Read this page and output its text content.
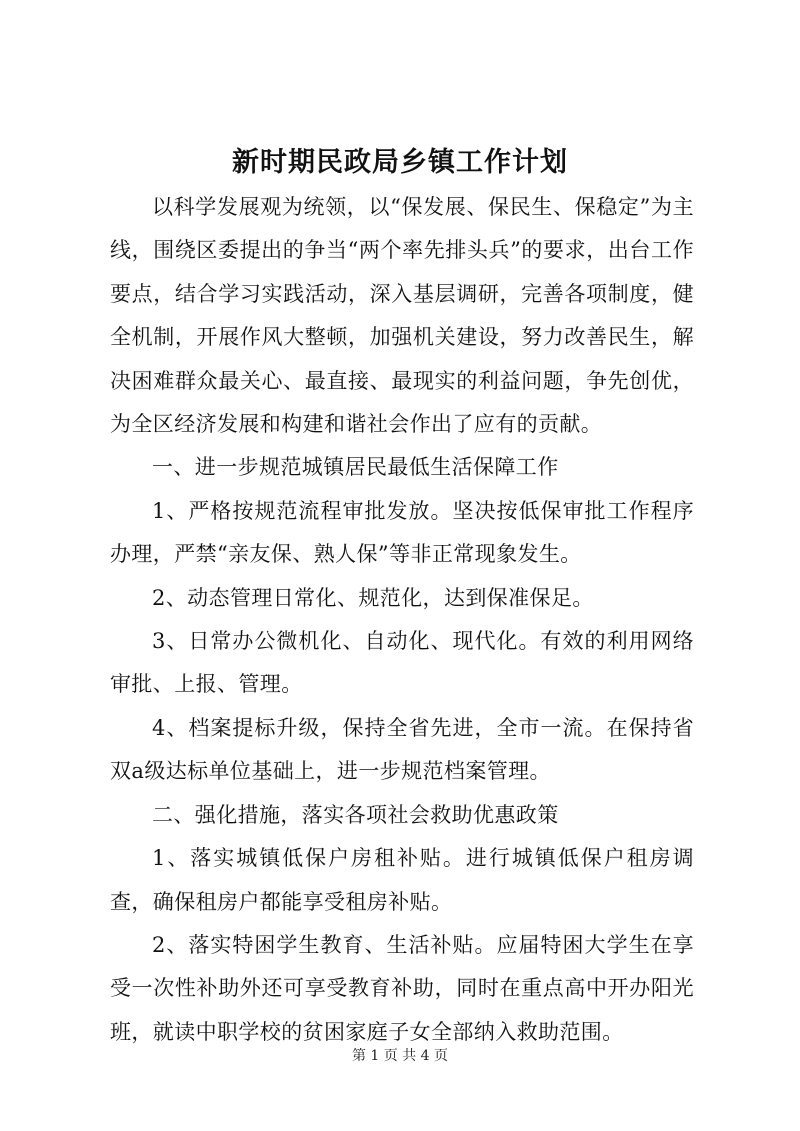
新时期民政局乡镇工作计划

以科学发展观为统领，以“保发展、保民生、保稳定”为主线，围绕区委提出的争当“两个率先排头兵”的要求，出台工作要点，结合学习实践活动，深入基层调研，完善各项制度，健全机制，开展作风大整顿，加强机关建设，努力改善民生，解决困难群众最关心、最直接、最现实的利益问题，争先创优，为全区经济发展和构建和谐社会作出了应有的贡献。

一、进一步规范城镇居民最低生活保障工作

1、严格按规范流程审批发放。坚决按低保审批工作程序办理，严禁“亲友保、熟人保”等非正常现象发生。

2、动态管理日常化、规范化，达到保准保足。

3、日常办公微机化、自动化、现代化。有效的利用网络审批、上报、管理。

4、档案提标升级，保持全省先进，全市一流。在保持省双a级达标单位基础上，进一步规范档案管理。

二、强化措施，落实各项社会救助优惠政策

1、落实城镇低保户房租补贴。进行城镇低保户租房调查，确保租房户都能享受租房补贴。

2、落实特困学生教育、生活补贴。应届特困大学生在享受一次性补助外还可享受教育补助，同时在重点高中开办阳光班，就读中职学校的贫困家庭子女全部纳入救助范围。

第 1 页 共 4 页
